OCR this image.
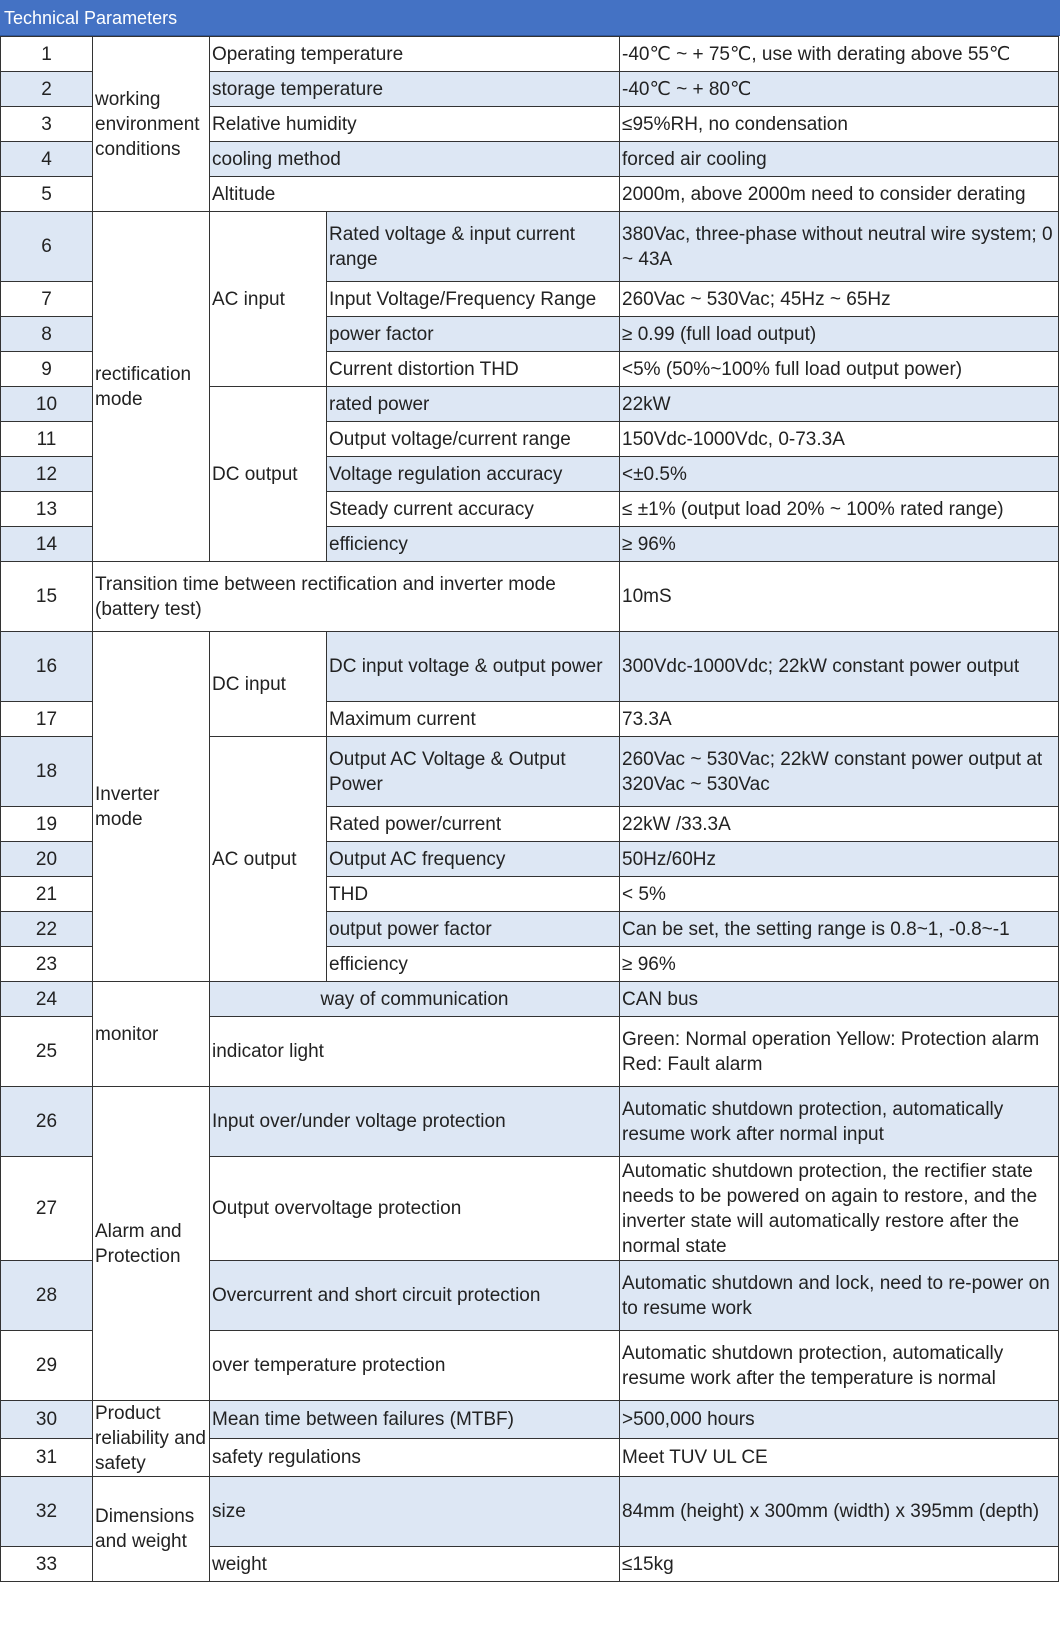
Technical Parameters
1	working environment conditions	Operating temperature		-40℃ ~ + 75℃, use with derating above 55℃
2		storage temperature		-40℃ ~ + 80℃
3		Relative humidity		≤95%RH, no condensation
4		cooling method		forced air cooling
5		Altitude		2000m, above 2000m need to consider derating
6	rectification mode	AC input	Rated voltage & input current range	380Vac, three-phase without neutral wire system; 0 ~ 43A
7			Input Voltage/Frequency Range	260Vac ~ 530Vac; 45Hz ~ 65Hz
8			power factor	≥ 0.99 (full load output)
9			Current distortion THD	<5% (50%~100% full load output power)
10		DC output	rated power	22kW
11			Output voltage/current range	150Vdc-1000Vdc, 0-73.3A
12			Voltage regulation accuracy	<±0.5%
13			Steady current accuracy	≤ ±1% (output load 20% ~ 100% rated range)
14			efficiency	≥ 96%
15	Transition time between rectification and inverter mode (battery test)			10mS
16	Inverter mode	DC input	DC input voltage & output power	300Vdc-1000Vdc; 22kW constant power output
17			Maximum current	73.3A
18		AC output	Output AC Voltage & Output Power	260Vac ~ 530Vac; 22kW constant power output at 320Vac ~ 530Vac
19			Rated power/current	22kW /33.3A
20			Output AC frequency	50Hz/60Hz
21			THD	< 5%
22			output power factor	Can be set, the setting range is 0.8~1, -0.8~-1
23			efficiency	≥ 96%
24	monitor	way of communication		CAN bus
25		indicator light		Green: Normal operation Yellow: Protection alarm Red: Fault alarm
26	Alarm and Protection	Input over/under voltage protection		Automatic shutdown protection, automatically resume work after normal input
27		Output overvoltage protection		Automatic shutdown protection, the rectifier state needs to be powered on again to restore, and the inverter state will automatically restore after the normal state
28		Overcurrent and short circuit protection		Automatic shutdown and lock, need to re-power on to resume work
29		over temperature protection		Automatic shutdown protection, automatically resume work after the temperature is normal
30	Product reliability and safety	Mean time between failures (MTBF)		>500,000 hours
31		safety regulations		Meet TUV UL CE
32	Dimensions and weight	size		84mm (height) x 300mm (width) x 395mm (depth)
33		weight		≤15kg
